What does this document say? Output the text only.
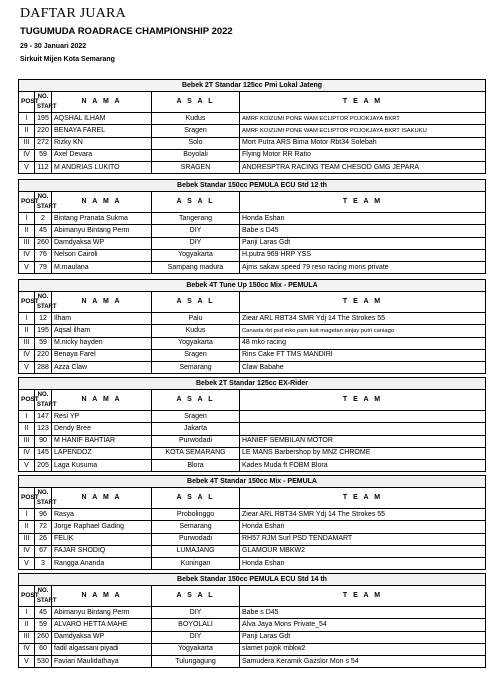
DAFTAR JUARA
TUGUMUDA ROADRACE CHAMPIONSHIP 2022
29 - 30 Januari 2022
Sirkuit Mijen Kota Semarang
Bebek 2T Standar 125cc Pmi Lokal Jateng				
POST	NO. START	N A M A	A S A L	T E A M
I	195	AQSHAL ILHAM	Kudus	AMRF KOIZUMI PONE WAM ECLIPTOR POJOKJAYA BKRT
II	220	BENAYA FAREL	Sragen	AMRF KOIZUMI PONE WAM ECLIPTOR POJOKJAYA BKRT ISAKUKU
III	272	Rizky KN	Solo	Mort Putra ARS Bima Motor Rbt34 Solebah
IV	59	Axel Devara	Boyolali	Flying Motor RR Ratio
V	112	M ANDRIAS LUKITO	SRAGEN	ANDRESPTRA RACING TEAM CHESOD GMG JEPARA
Bebek Standar 150cc PEMULA ECU Std 12 th				
POST	NO. START	N A M A	A S A L	T E A M
I	2	Bintang Pranata Sukma	Tangerang	Honda Eshan
II	45	Abimanyu Bintang Perm	DIY	Babe s D45
III	260	Damdyaksa WP	DIY	Panji Laras Gdt
IV	76	Nelson Cairoli	Yogyakarta	H.putra 969 HRP YSS
V	79	M.maulana	Sampang madura	Ajms sakaw speed 79 reso racing mons private
Bebek 4T Tune Up 150cc Mix - PEMULA				
POST	NO. START	N A M A	A S A L	T E A M
I	12	Ilham	Palu	Ziear ARL RBT34 SMR Ydj 14 The Strokes 55
II	195	Aqsal ilham	Kudus	Canasta rbt psd mko psm kuit magetan sinjay putri caniago
III	59	M.nicky hayden	Yogyakarta	48 mko racing
IV	220	Benaya Farel	Sragen	Rins Cake FT TMS MANDIRI
V	288	Azza Claw	Semarang	Claw Babahe
Bebek 2T Standar 125cc EX-Rider				
POST	NO. START	N A M A	A S A L	T E A M
I	147	Resi YP	Sragen	
II	123	Dendy Bree	Jakarta	
III	90	M HANIF BAHTIAR	Purwodadi	HANIEF SEMBILAN MOTOR
IV	145	LAPENDOZ	KOTA SEMARANG	LE MANS Barbershop by MNZ CHROME
V	205	Laga Kusuma	Blora	Kades Muda ft FOBM Blora
Bebek 4T Standar 150cc Mix - PEMULA				
POST	NO. START	N A M A	A S A L	T E A M
I	96	Rasya	Probolinggo	Ziear ARL RBT34 SMR Ydj 14 The Strokes 55
II	72	Jorge Raphael Gading	Semarang	Honda Eshan
III	26	FELIK	Purwodadi	RH57 RJM Surl PSD TENDAMART
IV	67	FAJAR SHODIQ	LUMAJANG	GLAMOUR MBKW2
V	3	Rangga Ananda	Kuningan	Honda Eshan
Bebek Standar 150cc PEMULA ECU Std 14 th				
POST	NO. START	N A M A	A S A L	T E A M
I	45	Abimanyu Bintang Perm	DIY	Babe s D45
II	59	ALVARO HETTA MAHE	BOYOLALI	Alva Jaya Mons Private_54
III	260	Damdyaksa WP	DIY	Panji Laras Gdt
IV	60	fadil algassani piyadi	Yogyakarta	slamet pojok mbkw2
V	530	Favian Maulidathaya	Tulungagung	Samudera Keramik Gazslor Mon s 54
